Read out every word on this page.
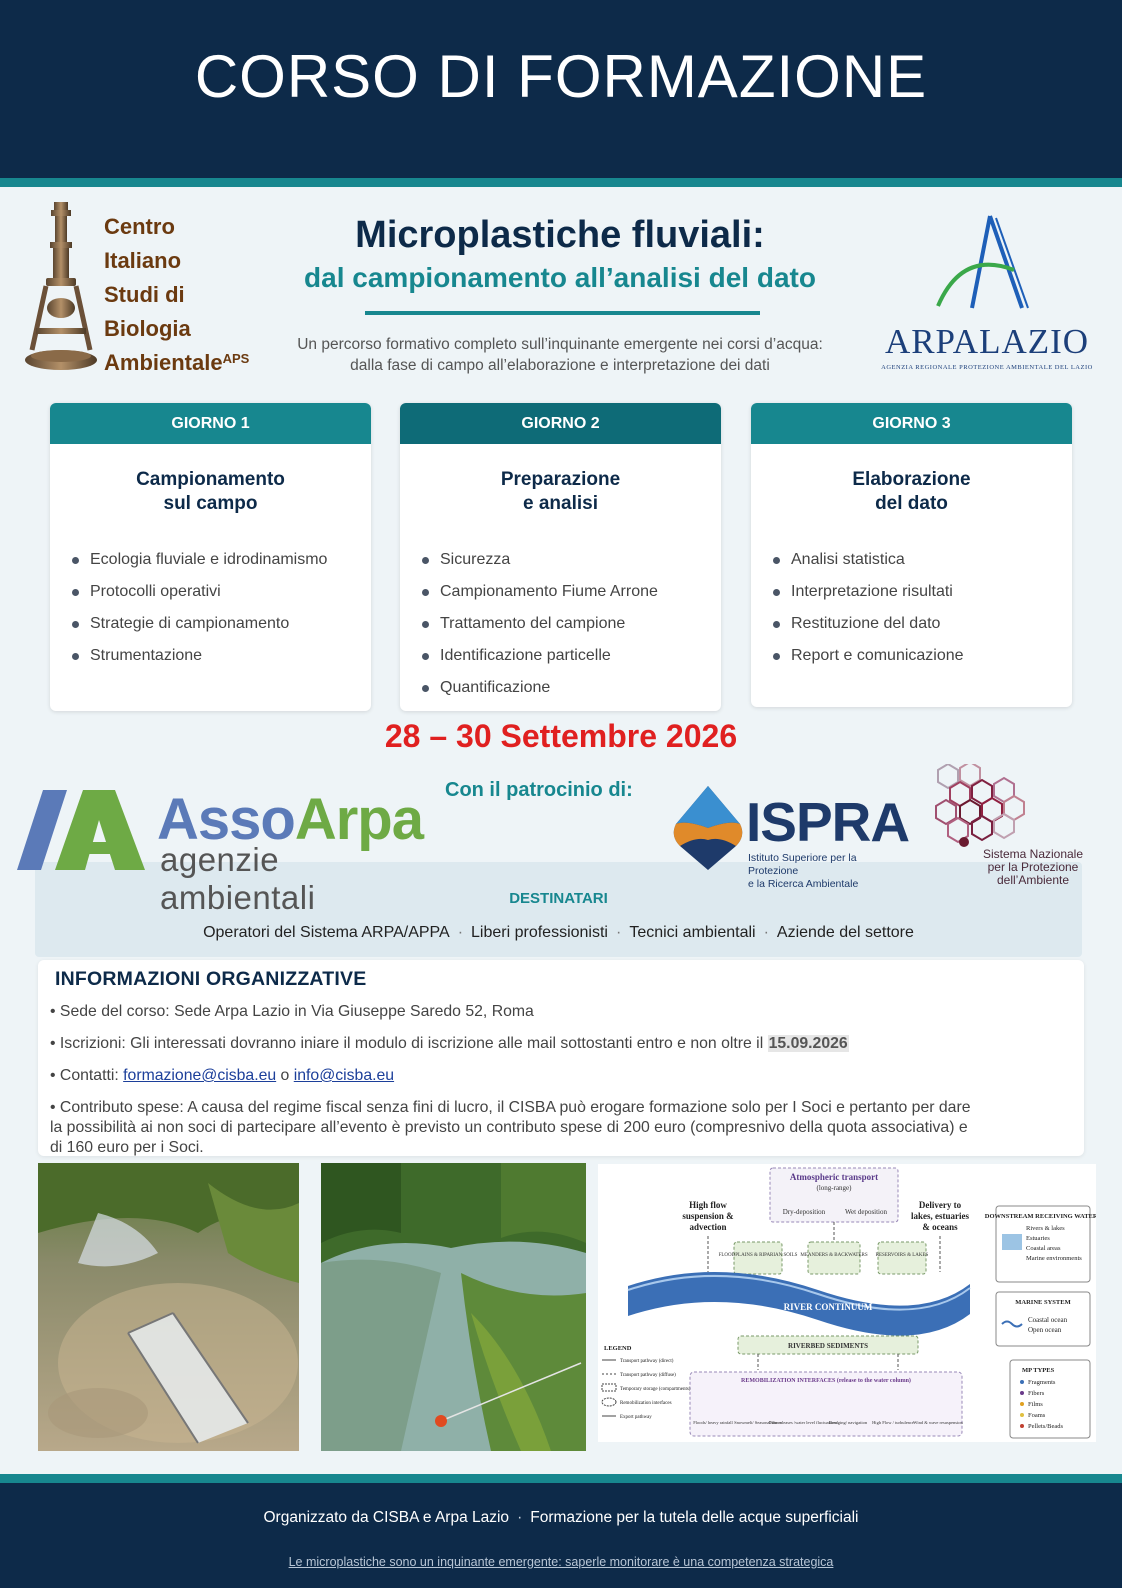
CORSO DI FORMAZIONE
Centro
Italiano
Studi di
Biologia
Ambientale$^{APS}$
Microplastiche fluviali:
dal campionamento all’analisi del dato
Un percorso formativo completo sull’inquinante emergente nei corsi d’acqua:
dalla fase di campo all’elaborazione e interpretazione dei dati
ARPALAZIO
AGENZIA REGIONALE PROTEZIONE AMBIENTALE DEL LAZIO
GIORNO 1
Campionamento
sul campo
Ecologia fluviale e idrodinamismo
Protocolli operativi
Strategie di campionamento
Strumentazione
GIORNO 2
Preparazione
e analisi
Sicurezza
Campionamento Fiume Arrone
Trattamento del campione
Identificazione particelle
Quantificazione
GIORNO 3
Elaborazione
del dato
Analisi statistica
Interpretazione risultati
Restituzione del dato
Report e comunicazione
28 – 30 Settembre 2026
DESTINATARI
Operatori del Sistema ARPA/APPA · Liberi professionisti · Tecnici ambientali · Aziende del settore
Con il patrocinio di:
AssoArpa
agenzie ambientali
ISPRA
Istituto Superiore per la Protezione
e la Ricerca Ambientale
Sistema Nazionale
per la Protezione
dell’Ambiente
INFORMAZIONI ORGANIZZATIVE
• Sede del corso: Sede Arpa Lazio in Via Giuseppe Saredo 52, Roma
• Iscrizioni: Gli interessati dovranno iniare il modulo di iscrizione alle mail sottostanti entro e non oltre il 15.09.2026
• Contatti: formazione@cisba.eu o info@cisba.eu
• Contributo spese: A causa del regime fiscal senza fini di lucro, il CISBA può erogare formazione solo per I Soci e pertanto per dare
la possibilità ai non soci di partecipare all’evento è previsto un contributo spese di 200 euro (compresnivo della quota associativa) e
di 160 euro per i Soci.
Atmospheric transport
(long-range)
Dry-deposition	Wet deposition
High flow
suspension &
advection
Delivery to
lakes, estuaries
& oceans
FLOODPLAINS & RIPARIAN SOILS MEANDERS & BACKWATERS RESERVOIRS & LAKES
RIVER CONTINUUM
RIVERBED SEDIMENTS
REMOBILIZATION INTERFACES (release to the water column)
Floods/ heavy rainfall Snowmelt/ Seasonal flows
Dam releases /water level fluctuations
Dredging/ navigation High Flow / turbulence Wind & wave resuspension
DOWNSTREAM RECEIVING WATERS
Rivers & lakes
Estuaries
Coastal areas
Marine environments
MARINE SYSTEM
Coastal ocean
Open ocean
MP TYPES
Fragments
Fibers
Films
Foams
Pellets/Beads
LEGEND
Transport pathway (direct)
Transport pathway (diffuse)
Temporary storage (compartments)
Remobilization interfaces
Export pathway
Organizzato da CISBA e Arpa Lazio · Formazione per la tutela delle acque superficiali
Le microplastiche sono un inquinante emergente: saperle monitorare è una competenza strategica
